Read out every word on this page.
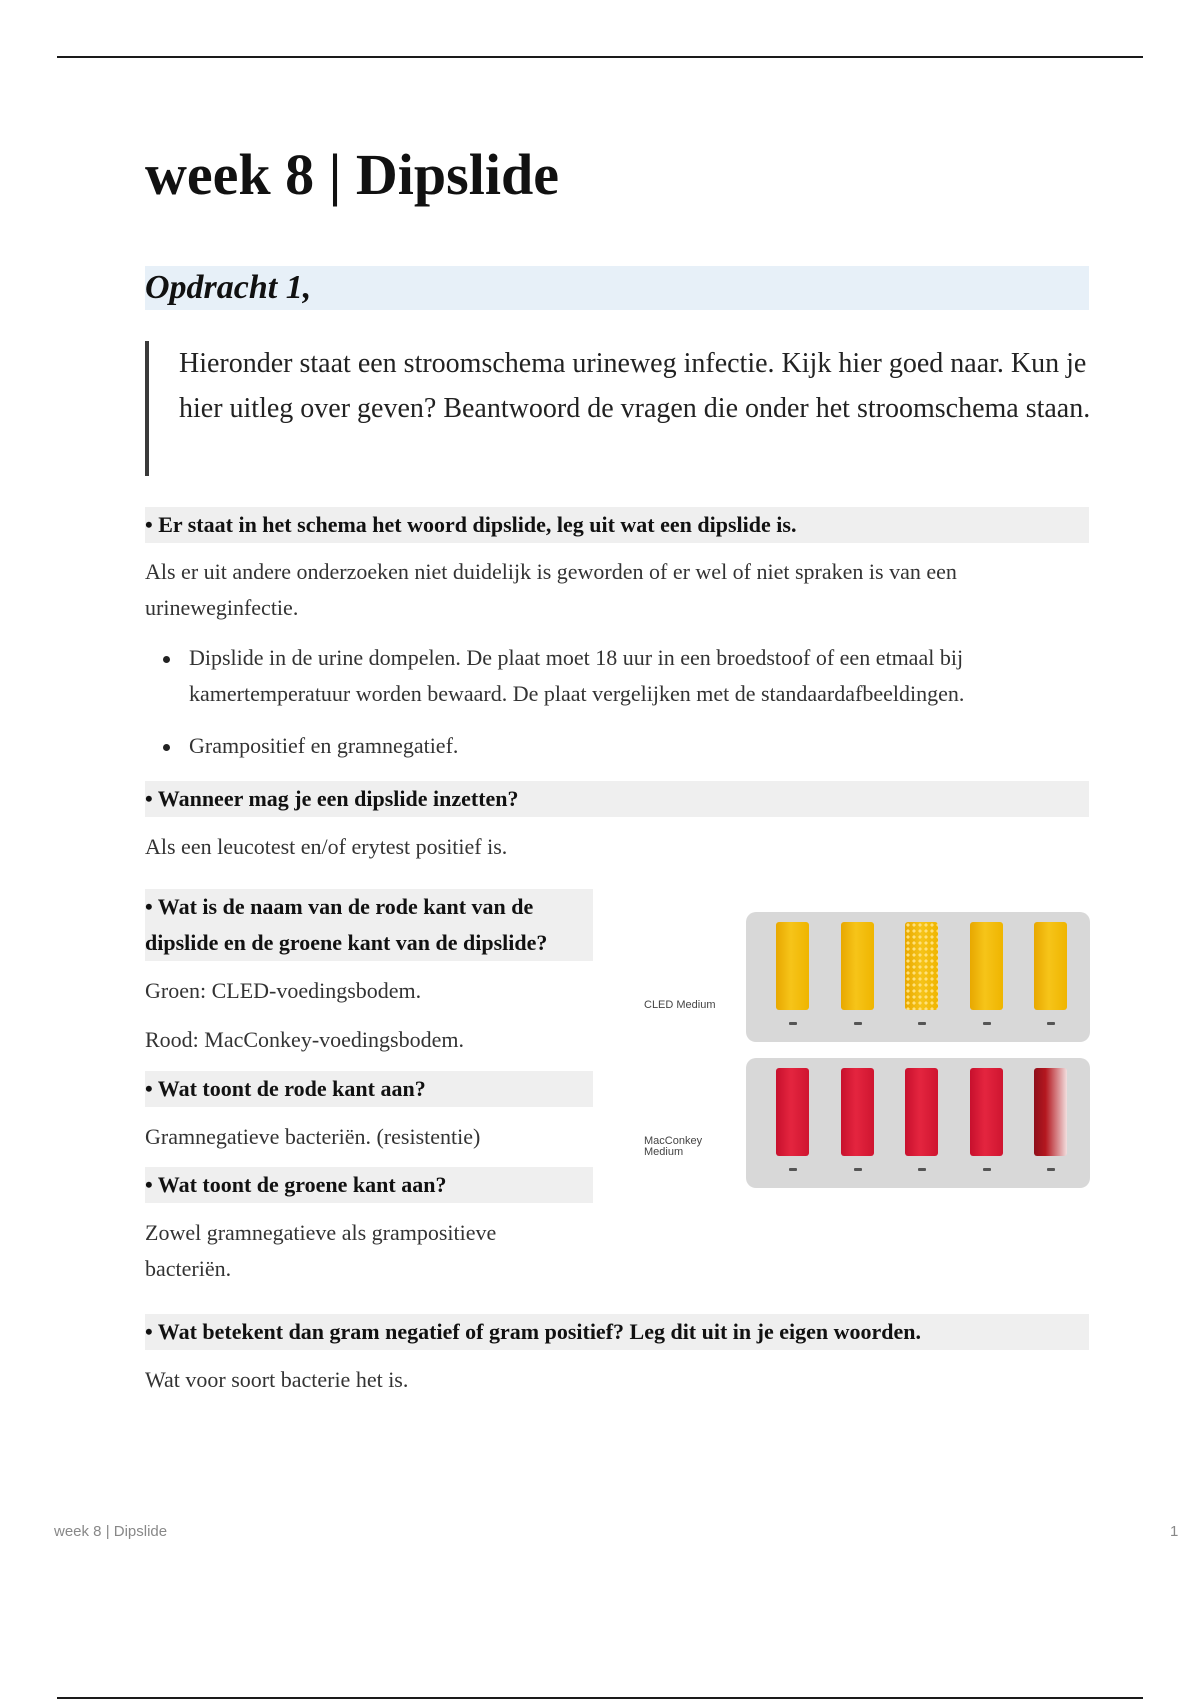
week 8 | Dipslide
Opdracht 1,

Hieronder staat een stroomschema urineweg infectie. Kijk hier goed naar. Kun je hier uitleg over geven? Beantwoord de vragen die onder het stroomschema staan.

• Er staat in het schema het woord dipslide, leg uit wat een dipslide is.

Als er uit andere onderzoeken niet duidelijk is geworden of er wel of niet spraken is van een urineweginfectie.

Dipslide in de urine dompelen. De plaat moet 18 uur in een broedstoof of een etmaal bij kamertemperatuur worden bewaard. De plaat vergelijken met de standaardafbeeldingen.
Grampositief en gramnegatief.
• Wanneer mag je een dipslide inzetten?

Als een leucotest en/of erytest positief is.

• Wat is de naam van de rode kant van de dipslide en de groene kant van de dipslide?

Groen: CLED-voedingsbodem.

Rood: MacConkey-voedingsbodem.

• Wat toont de rode kant aan?

Gramnegatieve bacteriën. (resistentie)

• Wat toont de groene kant aan?

Zowel gramnegatieve als grampositieve bacteriën.

CLED Medium
MacConkey Medium
• Wat betekent dan gram negatief of gram positief? Leg dit uit in je eigen woorden.

Wat voor soort bacterie het is.

week 8 | Dipslide	1
